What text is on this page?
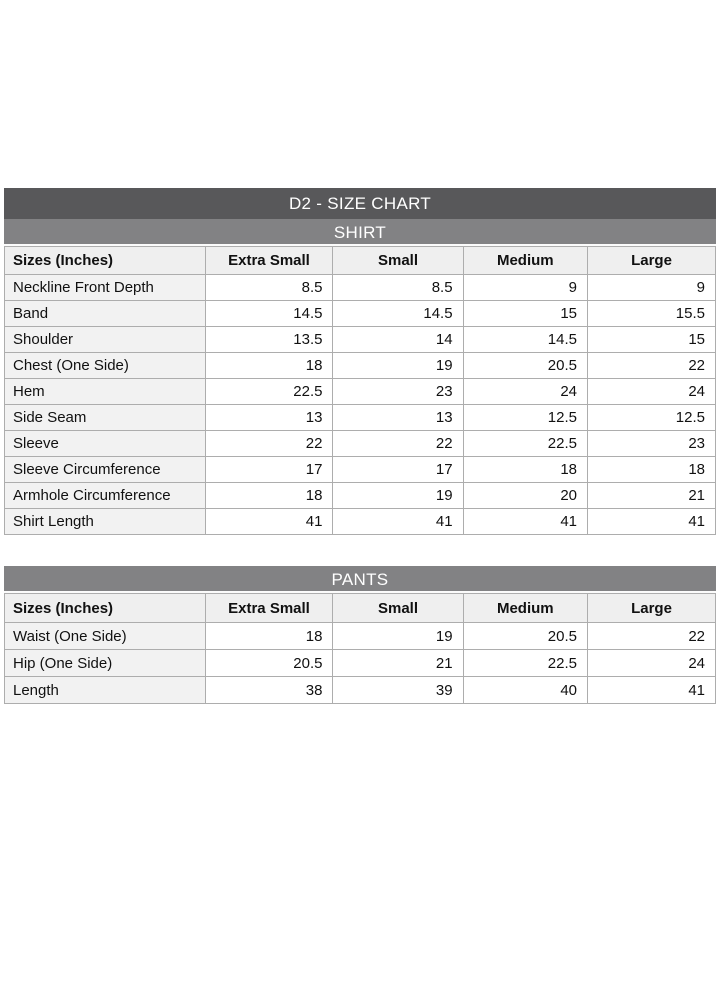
D2 - SIZE CHART
SHIRT
Sizes (Inches)	Extra Small	Small	Medium	Large
Neckline Front Depth	8.5	8.5	9	9
Band	14.5	14.5	15	15.5
Shoulder	13.5	14	14.5	15
Chest (One Side)	18	19	20.5	22
Hem	22.5	23	24	24
Side Seam	13	13	12.5	12.5
Sleeve	22	22	22.5	23
Sleeve Circumference	17	17	18	18
Armhole Circumference	18	19	20	21
Shirt Length	41	41	41	41
PANTS
Sizes (Inches)	Extra Small	Small	Medium	Large
Waist (One Side)	18	19	20.5	22
Hip (One Side)	20.5	21	22.5	24
Length	38	39	40	41
